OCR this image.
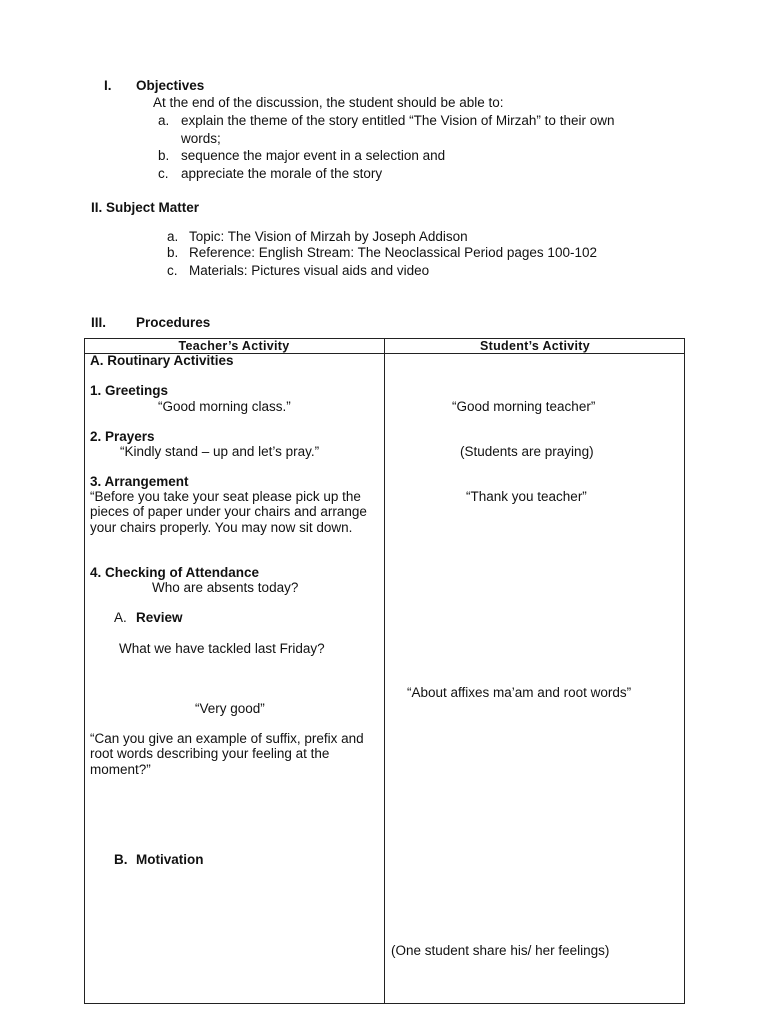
I. Objectives
At the end of the discussion, the student should be able to:
a. explain the theme of the story entitled “The Vision of Mirzah” to their own
words;
b. sequence the major event in a selection and
c. appreciate the morale of the story
II. Subject Matter
a. Topic: The Vision of Mirzah by Joseph Addison
b. Reference: English Stream: The Neoclassical Period pages 100-102
c. Materials: Pictures visual aids and video
III. Procedures
Teacher’s Activity	Student’s Activity
A. Routinary Activities
1. Greetings
“Good morning class.”
2. Prayers
“Kindly stand – up and let’s pray.”
3. Arrangement
“Before you take your seat please pick up the pieces of paper under your chairs and arrange your chairs properly. You may now sit down.
4. Checking of Attendance
Who are absents today?
A. Review
What we have tackled last Friday?
“Very good”
“Can you give an example of suffix, prefix and root words describing your feeling at the moment?”
B. Motivation
“Good morning teacher”
(Students are praying)
“Thank you teacher”
“About affixes ma’am and root words”
(One student share his/ her feelings)
